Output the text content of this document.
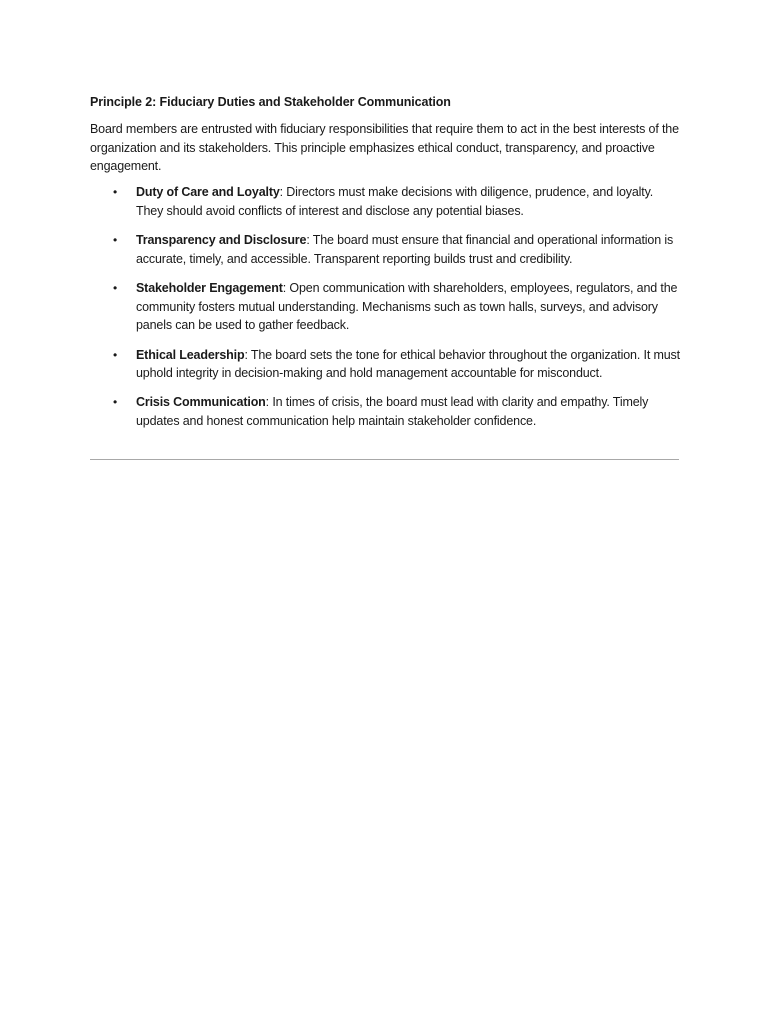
Principle 2: Fiduciary Duties and Stakeholder Communication
Board members are entrusted with fiduciary responsibilities that require them to act in the best interests of the organization and its stakeholders. This principle emphasizes ethical conduct, transparency, and proactive engagement.
• Duty of Care and Loyalty: Directors must make decisions with diligence, prudence, and loyalty. They should avoid conflicts of interest and disclose any potential biases.
• Transparency and Disclosure: The board must ensure that financial and operational information is accurate, timely, and accessible. Transparent reporting builds trust and credibility.
• Stakeholder Engagement: Open communication with shareholders, employees, regulators, and the community fosters mutual understanding. Mechanisms such as town halls, surveys, and advisory panels can be used to gather feedback.
• Ethical Leadership: The board sets the tone for ethical behavior throughout the organization. It must uphold integrity in decision-making and hold management accountable for misconduct.
• Crisis Communication: In times of crisis, the board must lead with clarity and empathy. Timely updates and honest communication help maintain stakeholder confidence.
